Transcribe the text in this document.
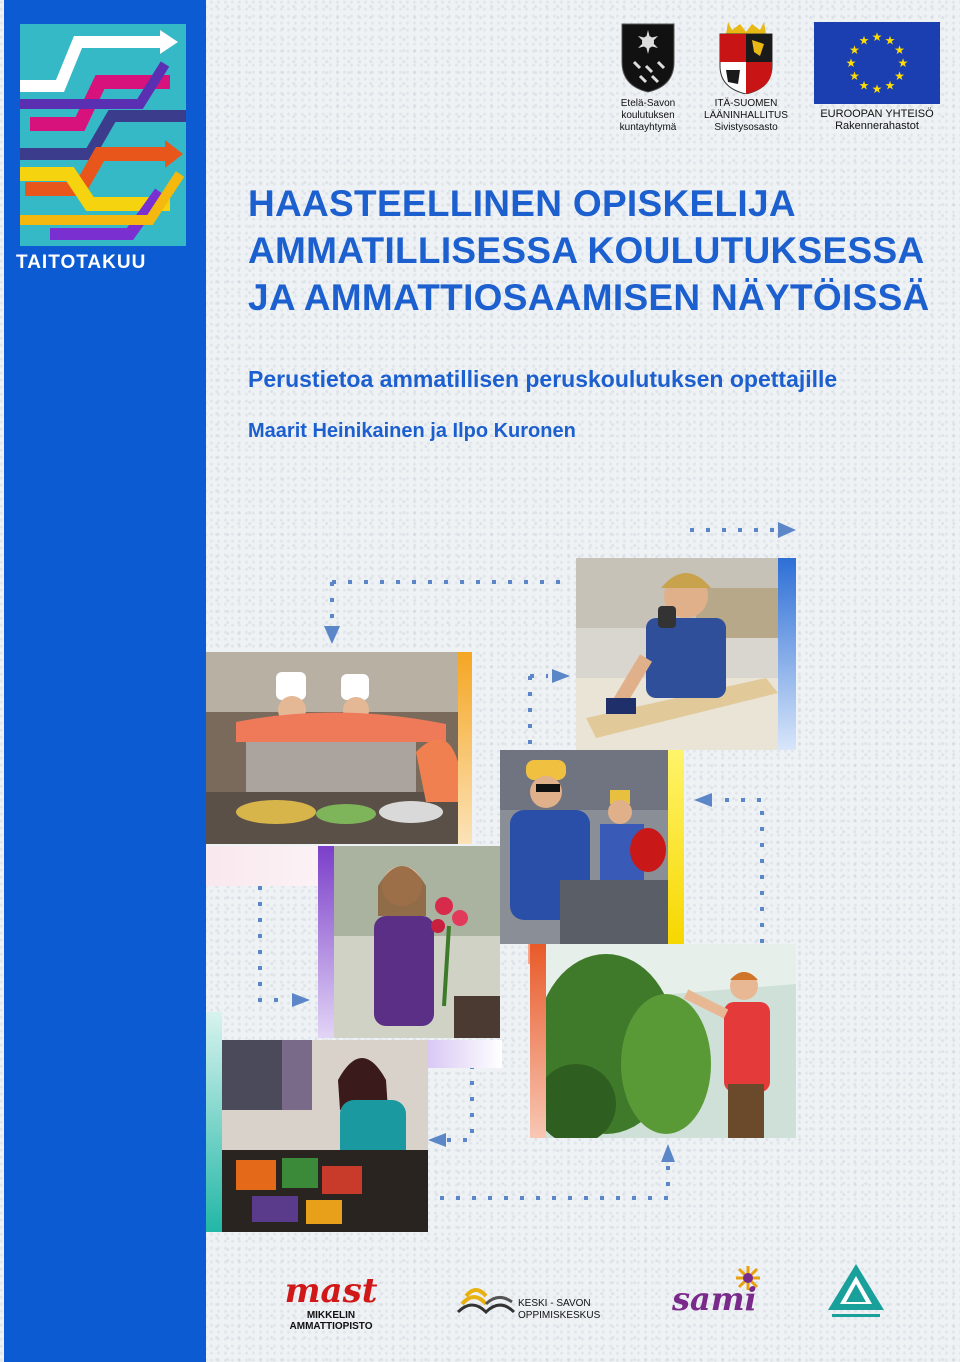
TAITOTAKUU
Etelä-Savon
koulutuksen
kuntayhtymä
ITÄ-SUOMEN
LÄÄNINHALLITUS
Sivistysosasto
★ ★
★
★
★
★
★
★
★
★
★
★
EUROOPAN YHTEISÖ
Rakennerahastot
HAASTEELLINEN OPISKELIJA
AMMATILLISESSA KOULUTUKSESSA
JA AMMATTIOSAAMISEN NÄYTÖISSÄ
Perustietoa ammatillisen peruskoulutuksen opettajille
Maarit Heinikainen ja Ilpo Kuronen
mast
MIKKELIN AMMATTIOPISTO
KESKI - SAVON
OPPIMISKESKUS sami
